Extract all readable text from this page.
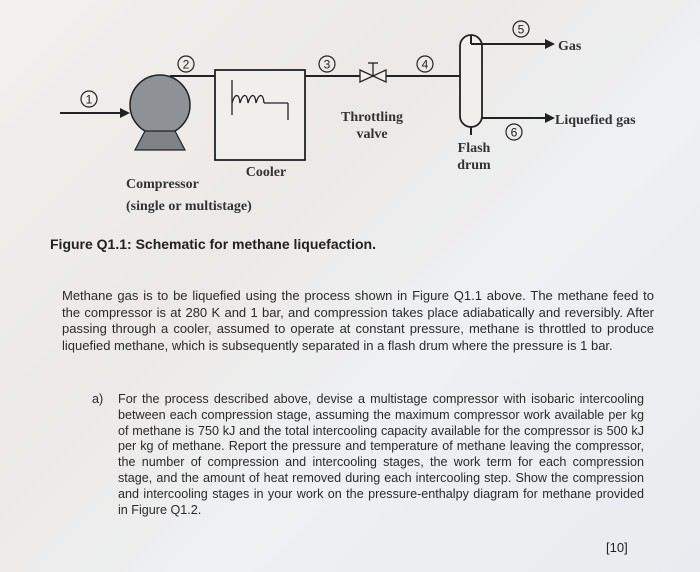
1
2
Cooler
3
Throttling
valve
4
Flash
drum
5
Gas
6
Liquefied gas
Compressor
(single or multistage)
Figure Q1.1: Schematic for methane liquefaction.
Methane gas is to be liquefied using the process shown in Figure Q1.1 above. The methane feed to the compressor is at 280 K and 1 bar, and compression takes place adiabatically and reversibly. After passing through a cooler, assumed to operate at constant pressure, methane is throttled to produce liquefied methane, which is subsequently separated in a flash drum where the pressure is 1 bar.
a) For the process described above, devise a multistage compressor with isobaric intercooling between each compression stage, assuming the maximum compressor work available per kg of methane is 750 kJ and the total intercooling capacity available for the compressor is 500 kJ per kg of methane. Report the pressure and temperature of methane leaving the compressor, the number of compression and intercooling stages, the work term for each compression stage, and the amount of heat removed during each intercooling step. Show the compression and intercooling stages in your work on the pressure-enthalpy diagram for methane provided in Figure Q1.2.
[10]
